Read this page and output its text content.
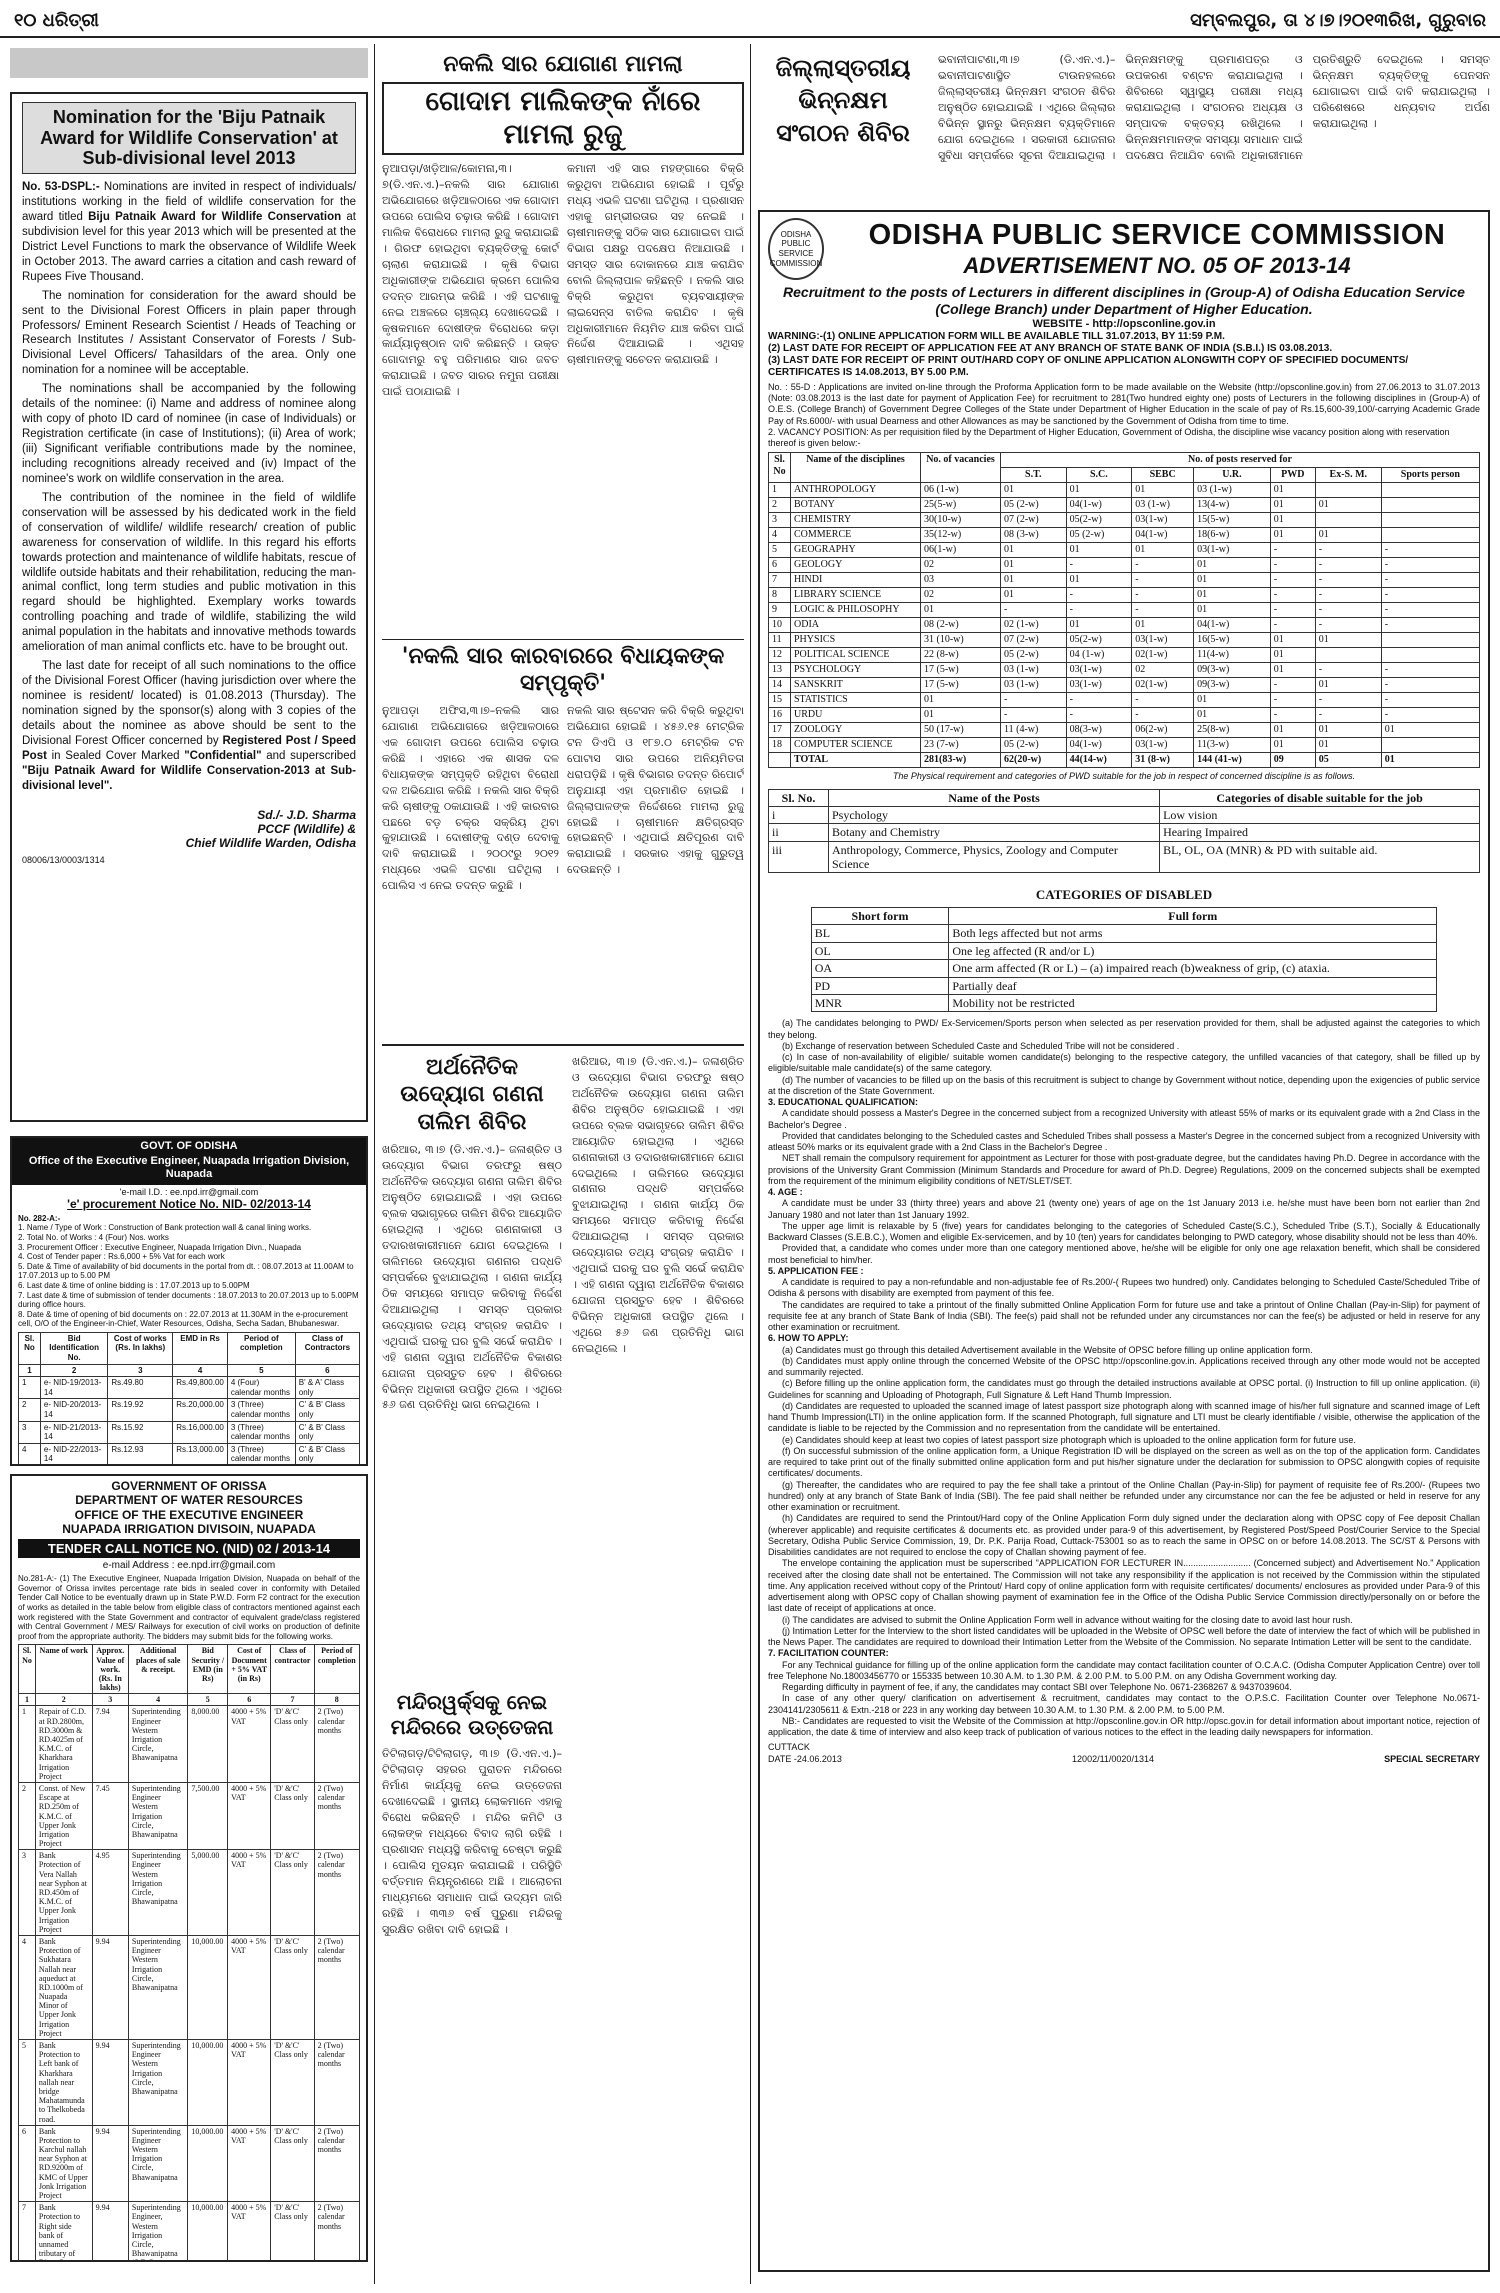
୧୦ ଧରିତ୍ରୀ	ସମ୍ବଲପୁର, ତା ୪।୭।୨୦୧୩ରିଖ, ଗୁରୁବାର
Nomination for the 'Biju Patnaik Award for Wildlife Conservation' at Sub-divisional level 2013

No. 53-DSPL:- Nominations are invited in respect of individuals/ institutions working in the field of wildlife conservation for the award titled Biju Patnaik Award for Wildlife Conservation at subdivision level for this year 2013 which will be presented at the District Level Functions to mark the observance of Wildlife Week in October 2013. The award carries a citation and cash reward of Rupees Five Thousand.

The nomination for consideration for the award should be sent to the Divisional Forest Officers in plain paper through Professors/ Eminent Research Scientist / Heads of Teaching or Research Institutes / Assistant Conservator of Forests / Sub-Divisional Level Officers/ Tahasildars of the area. Only one nomination for a nominee will be acceptable.

The nominations shall be accompanied by the following details of the nominee: (i) Name and address of nominee along with copy of photo ID card of nominee (in case of Individuals) or Registration certificate (in case of Institutions); (ii) Area of work; (iii) Significant verifiable contributions made by the nominee, including recognitions already received and (iv) Impact of the nominee's work on wildlife conservation in the area.

The contribution of the nominee in the field of wildlife conservation will be assessed by his dedicated work in the field of conservation of wildlife/ wildlife research/ creation of public awareness for conservation of wildlife. In this regard his efforts towards protection and maintenance of wildlife habitats, rescue of wildlife outside habitats and their rehabilitation, reducing the man-animal conflict, long term studies and public motivation in this regard should be highlighted. Exemplary works towards controlling poaching and trade of wildlife, stabilizing the wild animal population in the habitats and innovative methods towards amelioration of man animal conflicts etc. have to be brought out.

The last date for receipt of all such nominations to the office of the Divisional Forest Officer (having jurisdiction over where the nominee is resident/ located) is 01.08.2013 (Thursday). The nomination signed by the sponsor(s) along with 3 copies of the details about the nominee as above should be sent to the Divisional Forest Officer concerned by Registered Post / Speed Post in Sealed Cover Marked "Confidential" and superscribed "Biju Patnaik Award for Wildlife Conservation-2013 at Sub-divisional level".

Sd./- J.D. Sharma
PCCF (Wildlife) &
Chief Wildlife Warden, Odisha
08006/13/0003/1314
GOVT. OF ODISHA
Office of the Executive Engineer, Nuapada Irrigation Division, Nuapada
'e-mail I.D. : ee.npd.irr@gmail.com
'e' procurement Notice No. NID- 02/2013-14
No. 282-A:-
1. Name / Type of Work : Construction of Bank protection wall & canal lining works.
2. Total No. of Works : 4 (Four) Nos. works
3. Procurement Officer : Executive Engineer, Nuapada Irrigation Divn., Nuapada
4. Cost of Tender paper : Rs.6,000 + 5% Vat for each work
5. Date & Time of availability of bid documents in the portal from dt. : 08.07.2013 at 11.00AM to 17.07.2013 up to 5.00 PM
6. Last date & time of online bidding is : 17.07.2013 up to 5.00PM
7. Last date & time of submission of tender documents : 18.07.2013 to 20.07.2013 up to 5.00PM during office hours.
8. Date & time of opening of bid documents on : 22.07.2013 at 11.30AM in the e-procurement cell, O/O of the Engineer-in-Chief, Water Resources, Odisha, Secha Sadan, Bhubaneswar.
Sl. No	Bid Identification No.	Cost of works (Rs. In lakhs)	EMD in Rs	Period of completion	Class of Contractors
1	2	3	4	5	6
1	e- NID-19/2013-14	Rs.49.80	Rs.49,800.00	4 (Four) calendar months	B' & A' Class only
2	e- NID-20/2013-14	Rs.19.92	Rs.20,000.00	3 (Three) calendar months	C' & B' Class only
3	e- NID-21/2013-14	Rs.15.92	Rs.16,000.00	3 (Three) calendar months	C' & B' Class only
4	e- NID-22/2013-14	Rs.12.93	Rs.13,000.00	3 (Three) calendar months	C' & B' Class only
GOVERNMENT OF ORISSA
DEPARTMENT OF WATER RESOURCES
OFFICE OF THE EXECUTIVE ENGINEER
NUAPADA IRRIGATION DIVISOIN, NUAPADA
TENDER CALL NOTICE NO. (NID) 02 / 2013-14
e-mail Address : ee.npd.irr@gmail.com

No.281-A:- (1) The Executive Engineer, Nuapada Irrigation Division, Nuapada on behalf of the Governor of Orissa invites percentage rate bids in sealed cover in conformity with Detailed Tender Call Notice to be eventually drawn up in State P.W.D. Form F2 contract for the execution of works as detailed in the table below from eligible class of contractors mentioned against each work registered with the State Government and contractor of equivalent grade/class registered with Central Government / MES/ Railways for execution of civil works on production of definite proof from the appropriate authority. The bidders may submit bids for the following works.

Sl. No	Name of work	Approx. Value of work. (Rs. In lakhs)	Additional places of sale & receipt.	Bid Security / EMD (in Rs)	Cost of Document + 5% VAT (in Rs)	Class of contractor	Period of completion
1	2	3	4	5	6	7	8
1	Repair of C.D. at RD.2800m, RD.3000m & RD.4025m of K.M.C. of Kharkhara Irrigation Project	7.94	Superintending Engineer Western Irrigation Circle, Bhawanipatna	8,000.00	4000 + 5% VAT	'D' &'C' Class only	2 (Two) calendar months
2	Const. of New Escape at RD.250m of K.M.C. of Upper Jonk Irrigation Project	7.45	Superintending Engineer Western Irrigation Circle, Bhawanipatna	7,500.00	4000 + 5% VAT	'D' &'C' Class only	2 (Two) calendar months
3	Bank Protection of Vera Nallah near Syphon at RD.450m of K.M.C. of Upper Jonk Irrigation Project	4.95	Superintending Engineer Western Irrigation Circle, Bhawanipatna	5,000.00	4000 + 5% VAT	'D' &'C' Class only	2 (Two) calendar months
4	Bank Protection of Sukhatara Nallah near aqueduct at RD.1000m of Nuapada Minor of Upper Jonk Irrigation Project	9.94	Superintending Engineer Western Irrigation Circle, Bhawanipatna	10,000.00	4000 + 5% VAT	'D' &'C' Class only	2 (Two) calendar months
5	Bank Protection to Left bank of Kharkhara nallah near bridge Mahatamunda to Thelkobeda road.	9.94	Superintending Engineer Western Irrigation Circle, Bhawanipatna	10,000.00	4000 + 5% VAT	'D' &'C' Class only	2 (Two) calendar months
6	Bank Protection to Karchul nallah near Syphon at RD.9200m of KMC of Upper Jonk Irrigation Project	9.94	Superintending Engineer Western Irrigation Circle, Bhawanipatna	10,000.00	4000 + 5% VAT	'D' &'C' Class only	2 (Two) calendar months
7	Bank Protection to Right side bank of unnamed tributary of	9.94	Superintending Engineer, Western Irrigation Circle, Bhawanipatna	10,000.00	4000 + 5% VAT	'D' &'C' Class only	2 (Two) calendar months

ନକଲି ସାର ଯୋଗାଣ ମାମଲା
ଗୋଦାମ ମାଲିକଙ୍କ ନାଁରେ ମାମଲା ରୁଜୁ

ନୁଆପଡ଼ା/ଖଡ଼ିଆଳ/କୋମନା,୩।୭(ଡି.ଏନ.ଏ.)–ନକଲି ସାର ଯୋଗାଣ ଅଭିଯୋଗରେ ଖଡ଼ିଆଳଠାରେ ଏକ ଗୋଦାମ ଉପରେ ପୋଲିସ ଚଢ଼ାଉ କରିଛି । ଗୋଦାମ ମାଲିକ ବିରୋଧରେ ମାମଲା ରୁଜୁ କରାଯାଇଛି । ଗିରଫ ହୋଇଥିବା ବ୍ୟକ୍ତିଙ୍କୁ କୋର୍ଟ ଚାଲାଣ କରାଯାଇଛି । କୃଷି ବିଭାଗ ଅଧିକାରୀଙ୍କ ଅଭିଯୋଗ କ୍ରମେ ପୋଲିସ ତଦନ୍ତ ଆରମ୍ଭ କରିଛି । ଏହି ଘଟଣାକୁ ନେଇ ଅଞ୍ଚଳରେ ଚାଞ୍ଚଲ୍ୟ ଦେଖାଦେଇଛି । କୃଷକମାନେ ଦୋଷୀଙ୍କ ବିରୋଧରେ କଡ଼ା କାର୍ଯ୍ୟାନୁଷ୍ଠାନ ଦାବି କରିଛନ୍ତି । ଉକ୍ତ ଗୋଦାମରୁ ବହୁ ପରିମାଣର ସାର ଜବତ କରାଯାଇଛି । ଜବତ ସାରର ନମୁନା ପରୀକ୍ଷା ପାଇଁ ପଠାଯାଇଛି ।

କମାନୀ ଏହି ସାର ମହଙ୍ଗାରେ ବିକ୍ରି କରୁଥିବା ଅଭିଯୋଗ ହୋଇଛି । ପୂର୍ବରୁ ମଧ୍ୟ ଏଭଳି ଘଟଣା ଘଟିଥିଲା । ପ୍ରଶାସନ ଏହାକୁ ଗମ୍ଭୀରତାର ସହ ନେଇଛି । ଚାଷୀମାନଙ୍କୁ ସଠିକ ସାର ଯୋଗାଇବା ପାଇଁ ବିଭାଗ ପକ୍ଷରୁ ପଦକ୍ଷେପ ନିଆଯାଉଛି । ସମସ୍ତ ସାର ଦୋକାନରେ ଯାଞ୍ଚ କରାଯିବ ବୋଲି ଜିଲ୍ଲାପାଳ କହିଛନ୍ତି । ନକଲି ସାର ବିକ୍ରି କରୁଥିବା ବ୍ୟବସାୟୀଙ୍କ ଲାଇସେନ୍ସ ବାତିଲ କରାଯିବ । କୃଷି ଅଧିକାରୀମାନେ ନିୟମିତ ଯାଞ୍ଚ କରିବା ପାଇଁ ନିର୍ଦ୍ଦେଶ ଦିଆଯାଇଛି । ଏଥିସହ ଚାଷୀମାନଙ୍କୁ ସଚେତନ କରାଯାଉଛି ।

'ନକଲି ସାର କାରବାରରେ ବିଧାୟକଙ୍କ ସମ୍ପୃକ୍ତି'

ନୁଆପଡ଼ା ଅଫିସ,୩।୭–ନକଲି ସାର ଯୋଗାଣ ଅଭିଯୋଗରେ ଖଡ଼ିଆଳଠାରେ ଏକ ଗୋଦାମ ଉପରେ ପୋଲିସ ଚଢ଼ାଉ କରିଛି । ଏହାରେ ଏକ ଶାସକ ଦଳ ବିଧାୟକଙ୍କ ସମ୍ପୃକ୍ତି ରହିଥିବା ବିରୋଧୀ ଦଳ ଅଭିଯୋଗ କରିଛି । ନକଲି ସାର ବିକ୍ରି କରି ଚାଷୀଙ୍କୁ ଠକାଯାଉଛି । ଏହି କାରବାର ପଛରେ ବଡ଼ ଚକ୍ର ସକ୍ରିୟ ଥିବା କୁହାଯାଉଛି । ଦୋଷୀଙ୍କୁ ଦଣ୍ଡ ଦେବାକୁ ଦାବି କରାଯାଇଛି । ୨୦୦୯ରୁ ୨୦୧୨ ମଧ୍ୟରେ ଏଭଳି ଘଟଣା ଘଟିଥିଲା । ପୋଲିସ ଏ ନେଇ ତଦନ୍ତ କରୁଛି ।

ନକଲି ସାର ଷ୍ଟେସନ କରି ବିକ୍ରି କରୁଥିବା ଅଭିଯୋଗ ହୋଇଛି । ୪୫୬.୧୫ ମେଟ୍ରିକ ଟନ ଡିଏପି ଓ ୧୮୭.୦ ମେଟ୍ରିକ ଟନ ପୋଟାସ ସାର ଉପରେ ଅନିୟମିତତା ଧରାପଡ଼ିଛି । କୃଷି ବିଭାଗର ତଦନ୍ତ ରିପୋର୍ଟ ଅନୁଯାୟୀ ଏହା ପ୍ରମାଣିତ ହୋଇଛି । ଜିଲ୍ଲାପାଳଙ୍କ ନିର୍ଦ୍ଦେଶରେ ମାମଲା ରୁଜୁ ହୋଇଛି । ଚାଷୀମାନେ କ୍ଷତିଗ୍ରସ୍ତ ହୋଇଛନ୍ତି । ଏଥିପାଇଁ କ୍ଷତିପୂରଣ ଦାବି କରାଯାଇଛି । ସରକାର ଏହାକୁ ଗୁରୁତ୍ୱ ଦେଉଛନ୍ତି ।

ଅର୍ଥନୈତିକ ଉଦ୍ୟୋଗ ଗଣନା ତାଲିମ ଶିବିର

ଖରିଆର, ୩।୭ (ଡି.ଏନ.ଏ.)– ଜଳାଶ୍ରିତ ଓ ଉଦ୍ୟୋଗ ବିଭାଗ ତରଫରୁ ଷଷ୍ଠ ଅର୍ଥନୈତିକ ଉଦ୍ୟୋଗ ଗଣନା ତାଲିମ ଶିବିର ଅନୁଷ୍ଠିତ ହୋଇଯାଇଛି । ଏହା ଉପରେ ବ୍ଲକ ସଭାଗୃହରେ ତାଲିମ ଶିବିର ଆୟୋଜିତ ହୋଇଥିଲା । ଏଥିରେ ଗଣନାକାରୀ ଓ ତଦାରଖକାରୀମାନେ ଯୋଗ ଦେଇଥିଲେ । ତାଲିମରେ ଉଦ୍ୟୋଗ ଗଣନାର ପଦ୍ଧତି ସମ୍ପର୍କରେ ବୁଝାଯାଇଥିଲା । ଗଣନା କାର୍ଯ୍ୟ ଠିକ ସମୟରେ ସମାପ୍ତ କରିବାକୁ ନିର୍ଦ୍ଦେଶ ଦିଆଯାଇଥିଲା । ସମସ୍ତ ପ୍ରକାର ଉଦ୍ୟୋଗର ତଥ୍ୟ ସଂଗ୍ରହ କରାଯିବ । ଏଥିପାଇଁ ଘରକୁ ଘର ବୁଲି ସର୍ଭେ କରାଯିବ । ଏହି ଗଣନା ଦ୍ୱାରା ଅର୍ଥନୈତିକ ବିକାଶର ଯୋଜନା ପ୍ରସ୍ତୁତ ହେବ । ଶିବିରରେ ବିଭିନ୍ନ ଅଧିକାରୀ ଉପସ୍ଥିତ ଥିଲେ । ଏଥିରେ ୫୬ ଜଣ ପ୍ରତିନିଧି ଭାଗ ନେଇଥିଲେ ।

ମନ୍ଦିରୱର୍କ୍ସକୁ ନେଇ ମନ୍ଦିରରେ ଉତ୍ତେଜନା

ତିଟିଲାଗଡ଼/ଟିଟିଲାଗଡ଼, ୩।୭ (ଡି.ଏନ.ଏ.)–ଟିଟିଲାଗଡ଼ ସହରର ପୁରାତନ ମନ୍ଦିରରେ ନିର୍ମାଣ କାର୍ଯ୍ୟକୁ ନେଇ ଉତ୍ତେଜନା ଦେଖାଦେଇଛି । ସ୍ଥାନୀୟ ଲୋକମାନେ ଏହାକୁ ବିରୋଧ କରିଛନ୍ତି । ମନ୍ଦିର କମିଟି ଓ ଲୋକଙ୍କ ମଧ୍ୟରେ ବିବାଦ ଲାଗି ରହିଛି । ପ୍ରଶାସନ ମଧ୍ୟସ୍ଥି କରିବାକୁ ଚେଷ୍ଟା କରୁଛି । ପୋଲିସ ମୁତୟନ କରାଯାଇଛି । ପରିସ୍ଥିତି ବର୍ତ୍ତମାନ ନିୟନ୍ତ୍ରଣରେ ଅଛି । ଆଲୋଚନା ମାଧ୍ୟମରେ ସମାଧାନ ପାଇଁ ଉଦ୍ୟମ ଜାରି ରହିଛି । ୩୩୬ ବର୍ଷ ପୁରୁଣା ମନ୍ଦିରକୁ ସୁରକ୍ଷିତ ରଖିବା ଦାବି ହୋଇଛି ।

ଖରିଆର, ୩।୭ (ଡି.ଏନ.ଏ.)– ଜଳାଶ୍ରିତ ଓ ଉଦ୍ୟୋଗ ବିଭାଗ ତରଫରୁ ଷଷ୍ଠ ଅର୍ଥନୈତିକ ଉଦ୍ୟୋଗ ଗଣନା ତାଲିମ ଶିବିର ଅନୁଷ୍ଠିତ ହୋଇଯାଇଛି । ଏହା ଉପରେ ବ୍ଲକ ସଭାଗୃହରେ ତାଲିମ ଶିବିର ଆୟୋଜିତ ହୋଇଥିଲା । ଏଥିରେ ଗଣନାକାରୀ ଓ ତଦାରଖକାରୀମାନେ ଯୋଗ ଦେଇଥିଲେ । ତାଲିମରେ ଉଦ୍ୟୋଗ ଗଣନାର ପଦ୍ଧତି ସମ୍ପର୍କରେ ବୁଝାଯାଇଥିଲା । ଗଣନା କାର୍ଯ୍ୟ ଠିକ ସମୟରେ ସମାପ୍ତ କରିବାକୁ ନିର୍ଦ୍ଦେଶ ଦିଆଯାଇଥିଲା । ସମସ୍ତ ପ୍ରକାର ଉଦ୍ୟୋଗର ତଥ୍ୟ ସଂଗ୍ରହ କରାଯିବ । ଏଥିପାଇଁ ଘରକୁ ଘର ବୁଲି ସର୍ଭେ କରାଯିବ । ଏହି ଗଣନା ଦ୍ୱାରା ଅର୍ଥନୈତିକ ବିକାଶର ଯୋଜନା ପ୍ରସ୍ତୁତ ହେବ । ଶିବିରରେ ବିଭିନ୍ନ ଅଧିକାରୀ ଉପସ୍ଥିତ ଥିଲେ । ଏଥିରେ ୫୬ ଜଣ ପ୍ରତିନିଧି ଭାଗ ନେଇଥିଲେ ।

ଜିଲ୍ଲାସ୍ତରୀୟ ଭିନ୍ନକ୍ଷମ ସଂଗଠନ ଶିବିର

ଭବାନୀପାଟଣା,୩।୭ (ଡି.ଏନ.ଏ.)–ଭବାନୀପାଟଣାସ୍ଥିତ ଟାଉନହଲରେ ଜିଲ୍ଲାସ୍ତରୀୟ ଭିନ୍ନକ୍ଷମ ସଂଗଠନ ଶିବିର ଅନୁଷ୍ଠିତ ହୋଇଯାଇଛି । ଏଥିରେ ଜିଲ୍ଲାର ବିଭିନ୍ନ ସ୍ଥାନରୁ ଭିନ୍ନକ୍ଷମ ବ୍ୟକ୍ତିମାନେ ଯୋଗ ଦେଇଥିଲେ । ସରକାରୀ ଯୋଜନାର ସୁବିଧା ସମ୍ପର୍କରେ ସୂଚନା ଦିଆଯାଇଥିଲା । ଭିନ୍ନକ୍ଷମଙ୍କୁ ପ୍ରମାଣପତ୍ର ଓ ଉପକରଣ ବଣ୍ଟନ କରାଯାଇଥିଲା । ଶିବିରରେ ସ୍ୱାସ୍ଥ୍ୟ ପରୀକ୍ଷା ମଧ୍ୟ କରାଯାଇଥିଲା । ସଂଗଠନର ଅଧ୍ୟକ୍ଷ ଓ ସମ୍ପାଦକ ବକ୍ତବ୍ୟ ରଖିଥିଲେ । ଭିନ୍ନକ୍ଷମମାନଙ୍କ ସମସ୍ୟା ସମାଧାନ ପାଇଁ ପଦକ୍ଷେପ ନିଆଯିବ ବୋଲି ଅଧିକାରୀମାନେ ପ୍ରତିଶ୍ରୁତି ଦେଇଥିଲେ । ସମସ୍ତ ଭିନ୍ନକ୍ଷମ ବ୍ୟକ୍ତିଙ୍କୁ ପେନସନ ଯୋଗାଇବା ପାଇଁ ଦାବି କରାଯାଇଥିଲା । ପରିଶେଷରେ ଧନ୍ୟବାଦ ଅର୍ପଣ କରାଯାଇଥିଲା ।

ODISHA PUBLIC SERVICE COMMISSION
ODISHA PUBLIC SERVICE COMMISSION
ADVERTISEMENT NO. 05 OF 2013-14
Recruitment to the posts of Lecturers in different disciplines in (Group-A) of Odisha Education Service (College Branch) under Department of Higher Education.
WEBSITE - http://opsconline.gov.in
WARNING:-(1) ONLINE APPLICATION FORM WILL BE AVAILABLE TILL 31.07.2013, BY 11:59 P.M.
(2) LAST DATE FOR RECEIPT OF APPLICATION FEE AT ANY BRANCH OF STATE BANK OF INDIA (S.B.I.) IS 03.08.2013.
(3) LAST DATE FOR RECEIPT OF PRINT OUT/HARD COPY OF ONLINE APPLICATION ALONGWITH COPY OF SPECIFIED DOCUMENTS/ CERTIFICATES IS 14.08.2013, BY 5.00 P.M.

No. : 55-D : Applications are invited on-line through the Proforma Application form to be made available on the Website (http://opsconline.gov.in) from 27.06.2013 to 31.07.2013 (Note: 03.08.2013 is the last date for payment of Application Fee) for recruitment to 281(Two hundred eighty one) posts of Lecturers in the following disciplines in (Group-A) of O.E.S. (College Branch) of Government Degree Colleges of the State under Department of Higher Education in the scale of pay of Rs.15,600-39,100/-carrying Academic Grade Pay of Rs.6000/- with usual Dearness and other Allowances as may be sanctioned by the Government of Odisha from time to time.

2. VACANCY POSITION: As per requisition filed by the Department of Higher Education, Government of Odisha, the discipline wise vacancy position along with reservation thereof is given below:-

Sl. No	Name of the disciplines	No. of vacancies	No. of posts reserved for						
			S.T.	S.C.	SEBC	U.R.	PWD	Ex-S. M.	Sports person
1	ANTHROPOLOGY	06 (1-w)	01	01	01	03 (1-w)	01		
2	BOTANY	25(5-w)	05 (2-w)	04(1-w)	03 (1-w)	13(4-w)	01	01	
3	CHEMISTRY	30(10-w)	07 (2-w)	05(2-w)	03(1-w)	15(5-w)	01		
4	COMMERCE	35(12-w)	08 (3-w)	05 (2-w)	04(1-w)	18(6-w)	01	01	
5	GEOGRAPHY	06(1-w)	01	01	01	03(1-w)	-	-	-
6	GEOLOGY	02	01	-	-	01	-	-	-
7	HINDI	03	01	01	-	01	-	-	-
8	LIBRARY SCIENCE	02	01	-	-	01	-	-	-
9	LOGIC & PHILOSOPHY	01	-	-	-	01	-	-	-
10	ODIA	08 (2-w)	02 (1-w)	01	01	04(1-w)	-	-	-
11	PHYSICS	31 (10-w)	07 (2-w)	05(2-w)	03(1-w)	16(5-w)	01	01	
12	POLITICAL SCIENCE	22 (8-w)	05 (2-w)	04 (1-w)	02(1-w)	11(4-w)	01		
13	PSYCHOLOGY	17 (5-w)	03 (1-w)	03(1-w)	02	09(3-w)	01	-	-
14	SANSKRIT	17 (5-w)	03 (1-w)	03(1-w)	02(1-w)	09(3-w)	-	01	-
15	STATISTICS	01	-	-	-	01	-	-	-
16	URDU	01	-	-	-	01	-	-	-
17	ZOOLOGY	50 (17-w)	11 (4-w)	08(3-w)	06(2-w)	25(8-w)	01	01	01
18	COMPUTER SCIENCE	23 (7-w)	05 (2-w)	04(1-w)	03(1-w)	11(3-w)	01	01	
	TOTAL	281(83-w)	62(20-w)	44(14-w)	31 (8-w)	144 (41-w)	09	05	01
The Physical requirement and categories of PWD suitable for the job in respect of concerned discipline is as follows.
Sl. No.	Name of the Posts	Categories of disable suitable for the job
i	Psychology	Low vision
ii	Botany and Chemistry	Hearing Impaired
iii	Anthropology, Commerce, Physics, Zoology and Computer Science	BL, OL, OA (MNR) & PD with suitable aid.
CATEGORIES OF DISABLED
Short form	Full form
BL	Both legs affected but not arms
OL	One leg affected (R and/or L)
OA	One arm affected (R or L) – (a) impaired reach (b)weakness of grip, (c) ataxia.
PD	Partially deaf
MNR	Mobility not be restricted
(a) The candidates belonging to PWD/ Ex-Servicemen/Sports person when selected as per reservation provided for them, shall be adjusted against the categories to which they belong.
(b) Exchange of reservation between Scheduled Caste and Scheduled Tribe will not be considered .
(c) In case of non-availability of eligible/ suitable women candidate(s) belonging to the respective category, the unfilled vacancies of that category, shall be filled up by eligible/suitable male candidate(s) of the same category.
(d) The number of vacancies to be filled up on the basis of this recruitment is subject to change by Government without notice, depending upon the exigencies of public service at the discretion of the State Government.
3. EDUCATIONAL QUALIFICATION:
A candidate should possess a Master's Degree in the concerned subject from a recognized University with atleast 55% of marks or its equivalent grade with a 2nd Class in the Bachelor's Degree .
Provided that candidates belonging to the Scheduled castes and Scheduled Tribes shall possess a Master's Degree in the concerned subject from a recognized University with atleast 50% marks or its equivalent grade with a 2nd Class in the Bachelor's Degree .
NET shall remain the compulsory requirement for appointment as Lecturer for those with post-graduate degree, but the candidates having Ph.D. Degree in accordance with the provisions of the University Grant Commission (Minimum Standards and Procedure for award of Ph.D. Degree) Regulations, 2009 on the concerned subjects shall be exempted from the requirement of the minimum eligibility conditions of NET/SLET/SET.
4. AGE :
A candidate must be under 33 (thirty three) years and above 21 (twenty one) years of age on the 1st January 2013 i.e. he/she must have been born not earlier than 2nd January 1980 and not later than 1st January 1992.
The upper age limit is relaxable by 5 (five) years for candidates belonging to the categories of Scheduled Caste(S.C.), Scheduled Tribe (S.T.), Socially & Educationally Backward Classes (S.E.B.C.), Women and eligible Ex-servicemen, and by 10 (ten) years for candidates belonging to PWD category, whose disability should not be less than 40%.
Provided that, a candidate who comes under more than one category mentioned above, he/she will be eligible for only one age relaxation benefit, which shall be considered most beneficial to him/her.
5. APPLICATION FEE :
A candidate is required to pay a non-refundable and non-adjustable fee of Rs.200/-( Rupees two hundred) only. Candidates belonging to Scheduled Caste/Scheduled Tribe of Odisha & persons with disability are exempted from payment of this fee.
The candidates are required to take a printout of the finally submitted Online Application Form for future use and take a printout of Online Challan (Pay-in-Slip) for payment of requisite fee at any branch of State Bank of India (SBI). The fee(s) paid shall not be refunded under any circumstances nor can the fee(s) be adjusted or held in reserve for any other examination or recruitment.
6. HOW TO APPLY:
(a) Candidates must go through this detailed Advertisement available in the Website of OPSC before filling up online application form.
(b) Candidates must apply online through the concerned Website of the OPSC http://opsconline.gov.in. Applications received through any other mode would not be accepted and summarily rejected.
(c) Before filling up the online application form, the candidates must go through the detailed instructions available at OPSC portal. (i) Instruction to fill up online application. (ii) Guidelines for scanning and Uploading of Photograph, Full Signature & Left Hand Thumb Impression.
(d) Candidates are requested to uploaded the scanned image of latest passport size photograph along with scanned image of his/her full signature and scanned image of Left hand Thumb Impression(LTI) in the online application form. If the scanned Photograph, full signature and LTI must be clearly identifiable / visible, otherwise the application of the candidate is liable to be rejected by the Commission and no representation from the candidate will be entertained.
(e) Candidates should keep at least two copies of latest passport size photograph which is uploaded to the online application form for future use.
(f) On successful submission of the online application form, a Unique Registration ID will be displayed on the screen as well as on the top of the application form. Candidates are required to take print out of the finally submitted online application form and put his/her signature under the declaration for submission to OPSC alongwith copies of requisite certificates/ documents.
(g) Thereafter, the candidates who are required to pay the fee shall take a printout of the Online Challan (Pay-in-Slip) for payment of requisite fee of Rs.200/- (Rupees two hundred) only at any branch of State Bank of India (SBI). The fee paid shall neither be refunded under any circumstance nor can the fee be adjusted or held in reserve for any other examination or recruitment.
(h) Candidates are required to send the Printout/Hard copy of the Online Application Form duly signed under the declaration along with OPSC copy of Fee deposit Challan (wherever applicable) and requisite certificates & documents etc. as provided under para-9 of this advertisement, by Registered Post/Speed Post/Courier Service to the Special Secretary, Odisha Public Service Commission, 19, Dr. P.K. Parija Road, Cuttack-753001 so as to reach the same in OPSC on or before 14.08.2013. The SC/ST & Persons with Disabilities candidates are not required to enclose the copy of Challan showing payment of fee.
The envelope containing the application must be superscribed "APPLICATION FOR LECTURER IN........................... (Concerned subject) and Advertisement No." Application received after the closing date shall not be entertained. The Commission will not take any responsibility if the application is not received by the Commission within the stipulated time. Any application received without copy of the Printout/ Hard copy of online application form with requisite certificates/ documents/ enclosures as provided under Para-9 of this advertisement along with OPSC copy of Challan showing payment of examination fee in the Office of the Odisha Public Service Commission directly/personally on or before the last date of receipt of applications at once.
(i) The candidates are advised to submit the Online Application Form well in advance without waiting for the closing date to avoid last hour rush.
(j) Intimation Letter for the Interview to the short listed candidates will be uploaded in the Website of OPSC well before the date of interview the fact of which will be published in the News Paper. The candidates are required to download their Intimation Letter from the Website of the Commission. No separate Intimation Letter will be sent to the candidate.
7. FACILITATION COUNTER:
For any Technical guidance for filling up of the online application form the candidate may contact facilitation counter of O.C.A.C. (Odisha Computer Application Centre) over toll free Telephone No.18003456770 or 155335 between 10.30 A.M. to 1.30 P.M. & 2.00 P.M. to 5.00 P.M. on any Odisha Government working day.
Regarding difficulty in payment of fee, if any, the candidates may contact SBI over Telephone No. 0671-2368267 & 9437039604.
In case of any other query/ clarification on advertisement & recruitment, candidates may contact to the O.P.S.C. Facilitation Counter over Telephone No.0671-2304141/2305611 & Extn.-218 or 223 in any working day between 10.30 A.M. to 1.30 P.M. & 2.00 P.M. to 5.00 P.M.
NB:- Candidates are requested to visit the Website of the Commission at http://opsconline.gov.in OR http://opsc.gov.in for detail information about important notice, rejection of application, the date & time of interview and also keep track of publication of various notices to the effect in the leading daily newspapers for information.
CUTTACK
DATE -24.06.2013	12002/11/0020/1314	SPECIAL SECRETARY
